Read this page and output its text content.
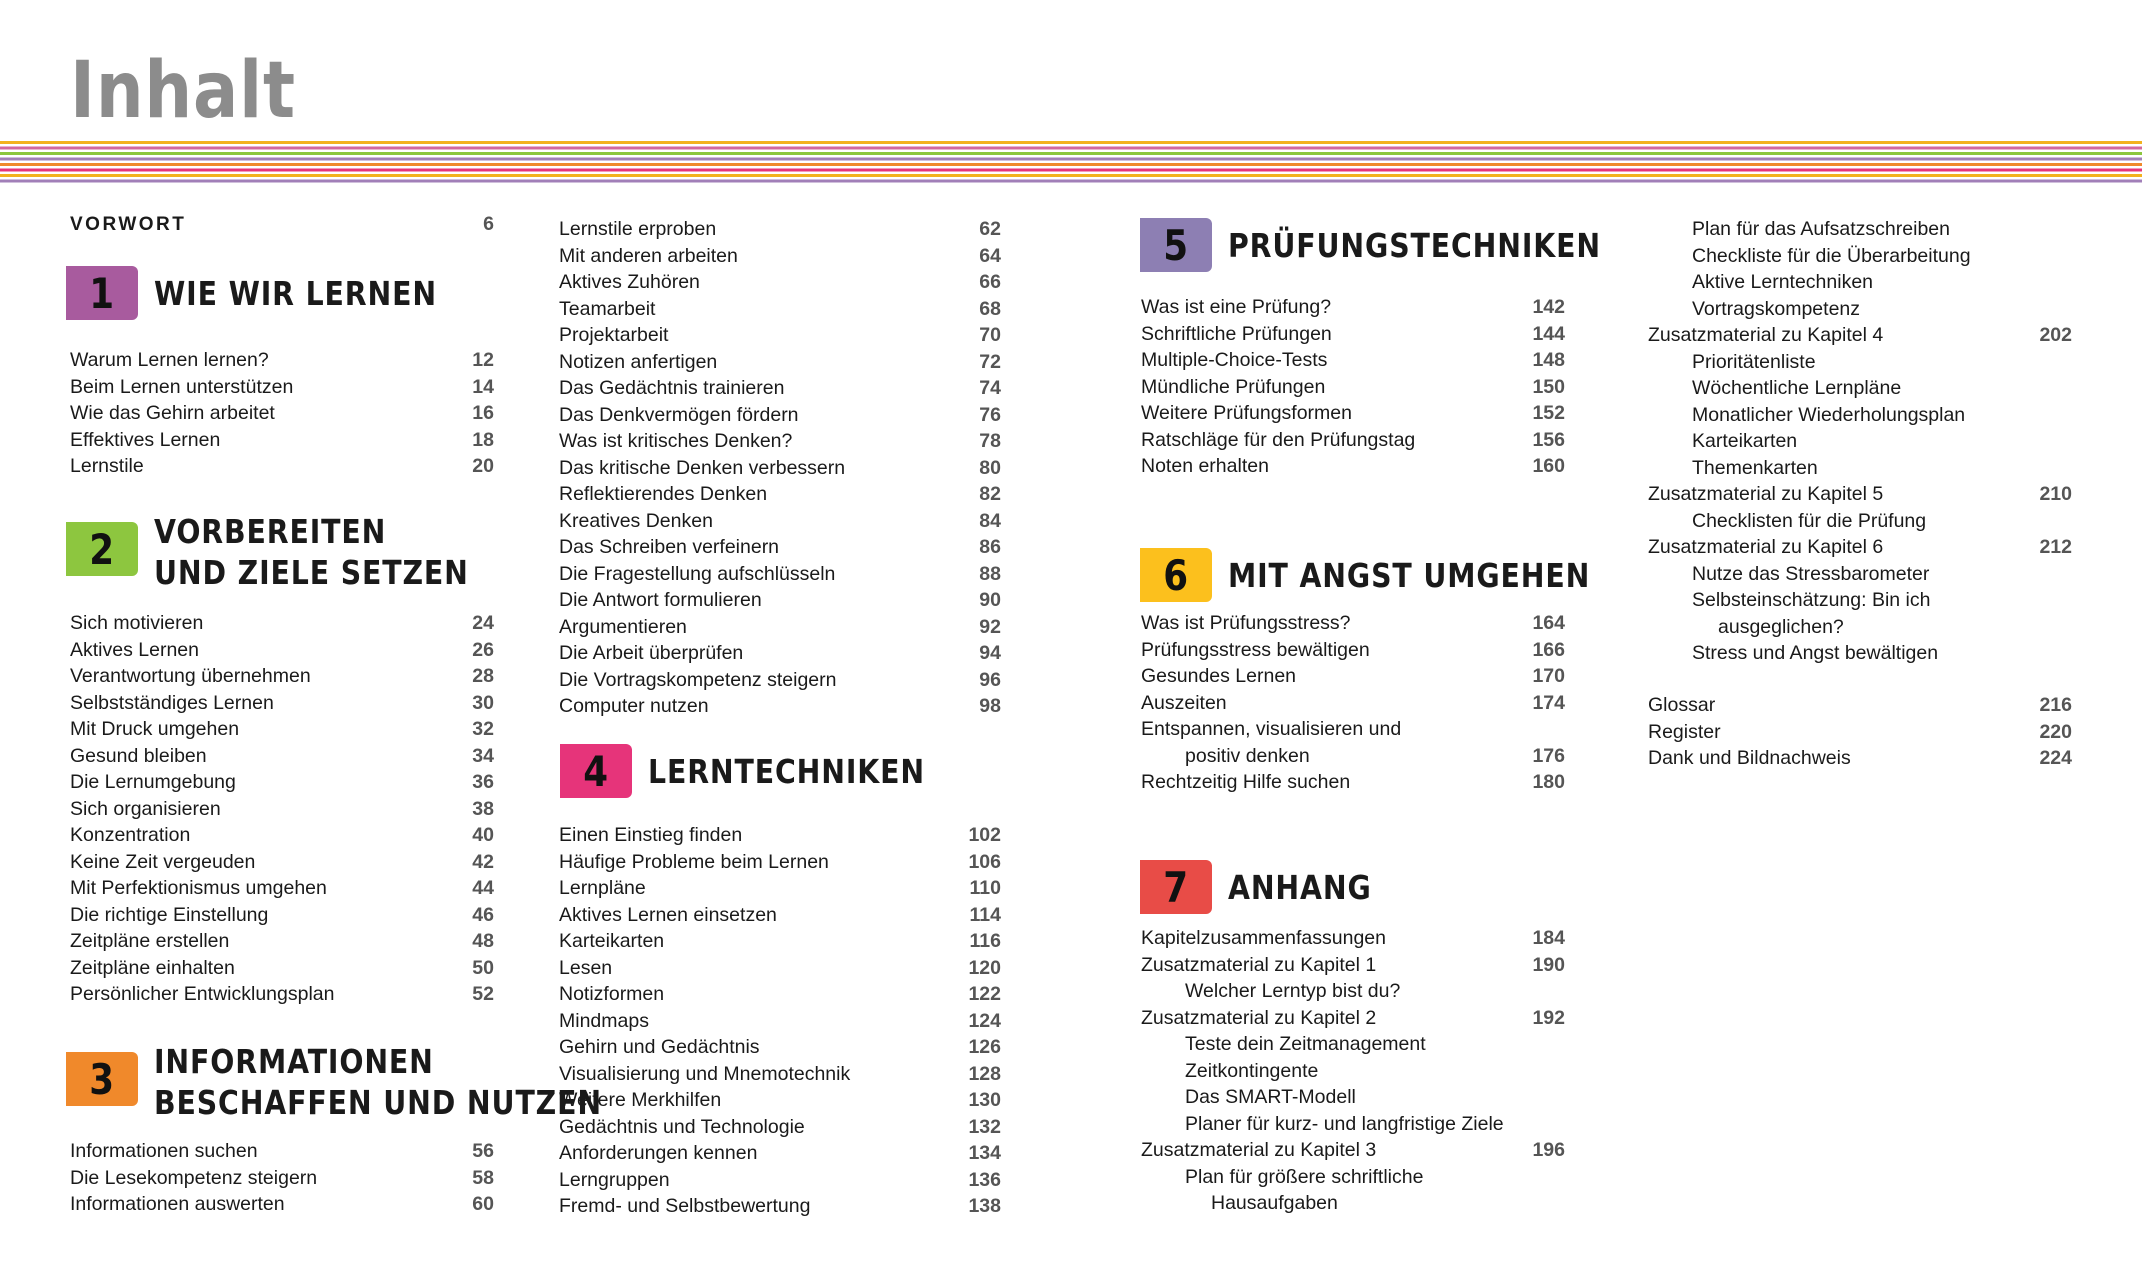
Inhalt
VORWORT	6
1 WIE WIR LERNEN
2 VORBEREITEN
UND ZIELE SETZEN
3 INFORMATIONEN
BESCHAFFEN UND NUTZEN
4 LERNTECHNIKEN
5 PRÜFUNGSTECHNIKEN
6 MIT ANGST UMGEHEN
7 ANHANG
Warum Lernen lernen?	12
Beim Lernen unterstützen	14
Wie das Gehirn arbeitet	16
Effektives Lernen	18
Lernstile	20
Sich motivieren	24
Aktives Lernen	26
Verantwortung übernehmen	28
Selbstständiges Lernen	30
Mit Druck umgehen	32
Gesund bleiben	34
Die Lernumgebung	36
Sich organisieren	38
Konzentration	40
Keine Zeit vergeuden	42
Mit Perfektionismus umgehen	44
Die richtige Einstellung	46
Zeitpläne erstellen	48
Zeitpläne einhalten	50
Persönlicher Entwicklungsplan	52
Informationen suchen	56
Die Lesekompetenz steigern	58
Informationen auswerten	60
Lernstile erproben	62
Mit anderen arbeiten	64
Aktives Zuhören	66
Teamarbeit	68
Projektarbeit	70
Notizen anfertigen	72
Das Gedächtnis trainieren	74
Das Denkvermögen fördern	76
Was ist kritisches Denken?	78
Das kritische Denken verbessern	80
Reflektierendes Denken	82
Kreatives Denken	84
Das Schreiben verfeinern	86
Die Fragestellung aufschlüsseln	88
Die Antwort formulieren	90
Argumentieren	92
Die Arbeit überprüfen	94
Die Vortragskompetenz steigern	96
Computer nutzen	98
Einen Einstieg finden	102
Häufige Probleme beim Lernen	106
Lernpläne	110
Aktives Lernen einsetzen	114
Karteikarten	116
Lesen	120
Notizformen	122
Mindmaps	124
Gehirn und Gedächtnis	126
Visualisierung und Mnemotechnik	128
Weitere Merkhilfen	130
Gedächtnis und Technologie	132
Anforderungen kennen	134
Lerngruppen	136
Fremd- und Selbstbewertung	138
Was ist eine Prüfung?	142
Schriftliche Prüfungen	144
Multiple-Choice-Tests	148
Mündliche Prüfungen	150
Weitere Prüfungsformen	152
Ratschläge für den Prüfungstag	156
Noten erhalten	160
Was ist Prüfungsstress?	164
Prüfungsstress bewältigen	166
Gesundes Lernen	170
Auszeiten	174
Entspannen, visualisieren und
positiv denken	176
Rechtzeitig Hilfe suchen	180
Kapitelzusammenfassungen	184
Zusatzmaterial zu Kapitel 1	190
Welcher Lerntyp bist du?
Zusatzmaterial zu Kapitel 2	192
Teste dein Zeitmanagement
Zeitkontingente
Das SMART-Modell
Planer für kurz- und langfristige Ziele
Zusatzmaterial zu Kapitel 3	196
Plan für größere schriftliche
Hausaufgaben
Plan für das Aufsatzschreiben
Checkliste für die Überarbeitung
Aktive Lerntechniken
Vortragskompetenz
Zusatzmaterial zu Kapitel 4	202
Prioritätenliste
Wöchentliche Lernpläne
Monatlicher Wiederholungsplan
Karteikarten
Themenkarten
Zusatzmaterial zu Kapitel 5	210
Checklisten für die Prüfung
Zusatzmaterial zu Kapitel 6	212
Nutze das Stressbarometer
Selbsteinschätzung: Bin ich
ausgeglichen?
Stress und Angst bewältigen
Glossar	216
Register	220
Dank und Bildnachweis	224
